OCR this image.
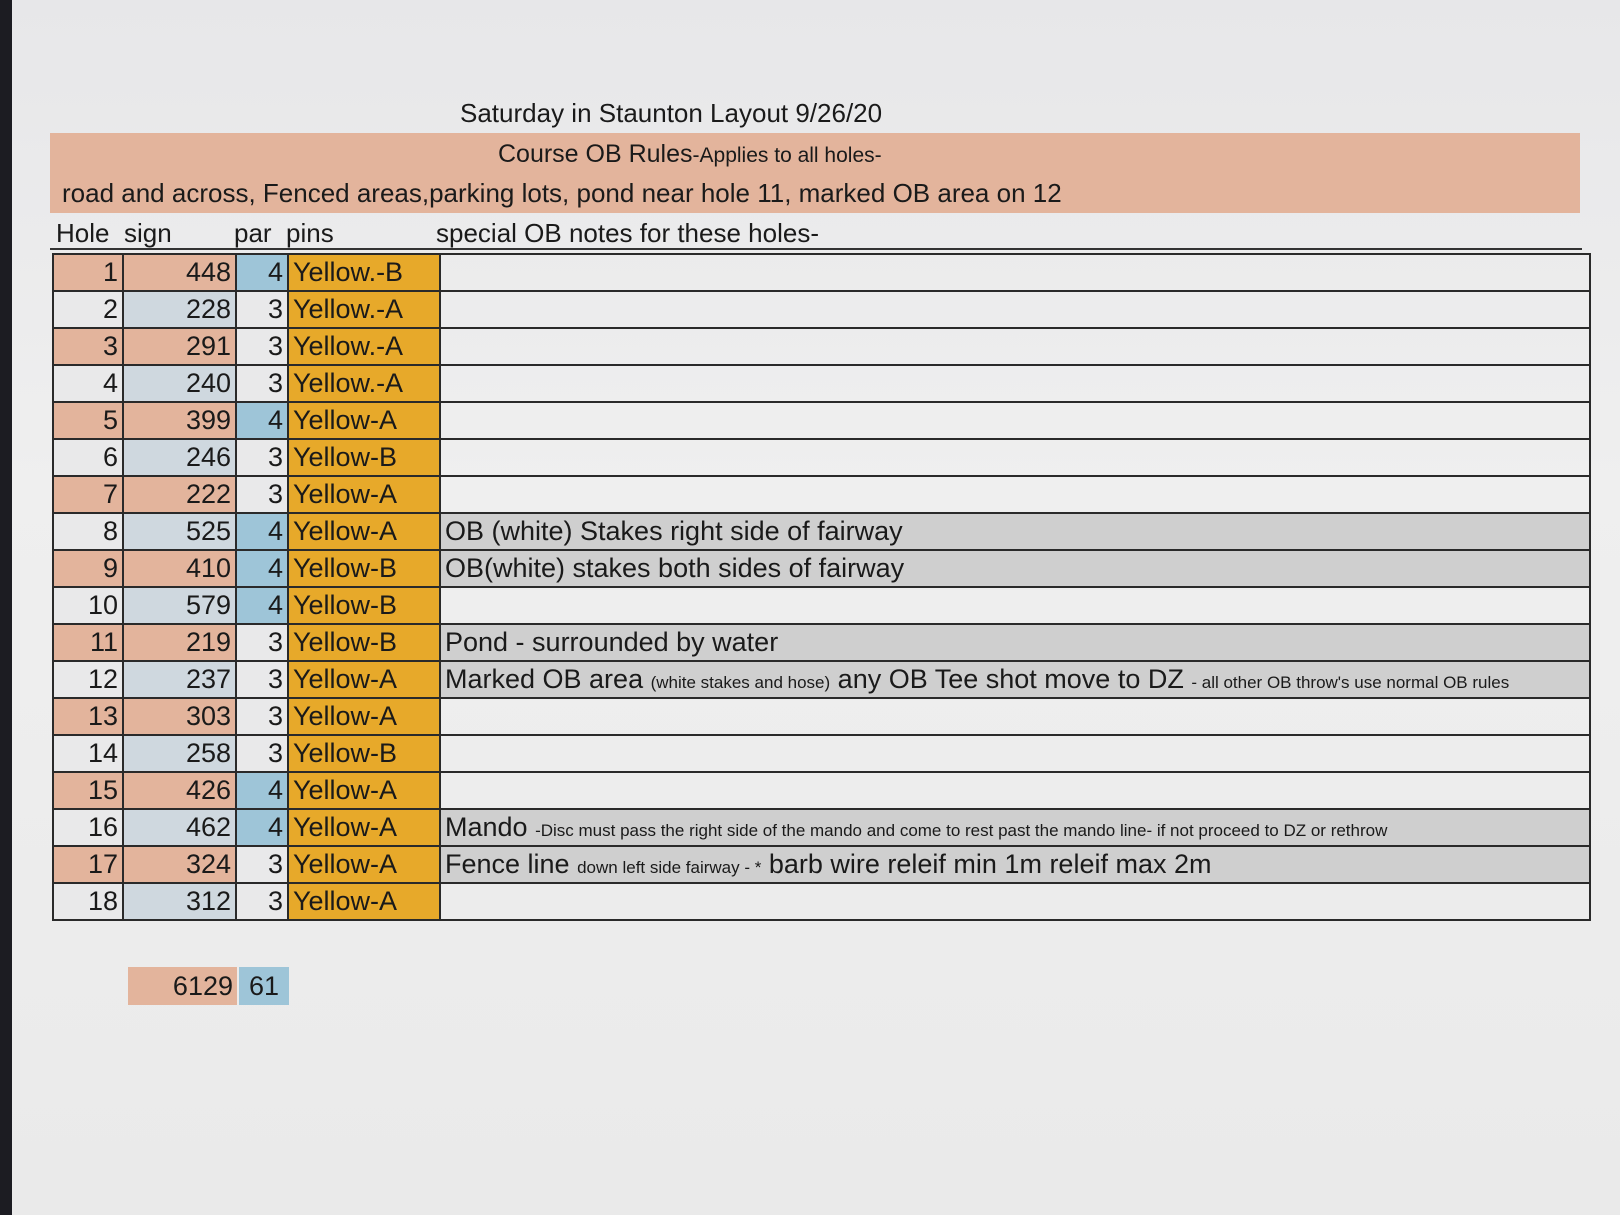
Saturday in Staunton Layout 9/26/20
Course OB Rules-Applies to all holes-
road and across, Fenced areas,parking lots, pond near hole 11, marked OB area on 12
Hole sign par pins	special OB notes for these holes-
1	448	4	Yellow.-B	
2	228	3	Yellow.-A	
3	291	3	Yellow.-A	
4	240	3	Yellow.-A	
5	399	4	Yellow-A	
6	246	3	Yellow-B	
7	222	3	Yellow-A	
8	525	4	Yellow-A	OB (white) Stakes right side of fairway
9	410	4	Yellow-B	OB(white) stakes both sides of fairway
10	579	4	Yellow-B	
11	219	3	Yellow-B	Pond - surrounded by water
12	237	3	Yellow-A	Marked OB area (white stakes and hose) any OB Tee shot move to DZ - all other OB throw's use normal OB rules
13	303	3	Yellow-A	
14	258	3	Yellow-B	
15	426	4	Yellow-A	
16	462	4	Yellow-A	Mando -Disc must pass the right side of the mando and come to rest past the mando line- if not proceed to DZ or rethrow
17	324	3	Yellow-A	Fence line down left side fairway - * barb wire releif min 1m releif max 2m
18	312	3	Yellow-A	
6129 61
